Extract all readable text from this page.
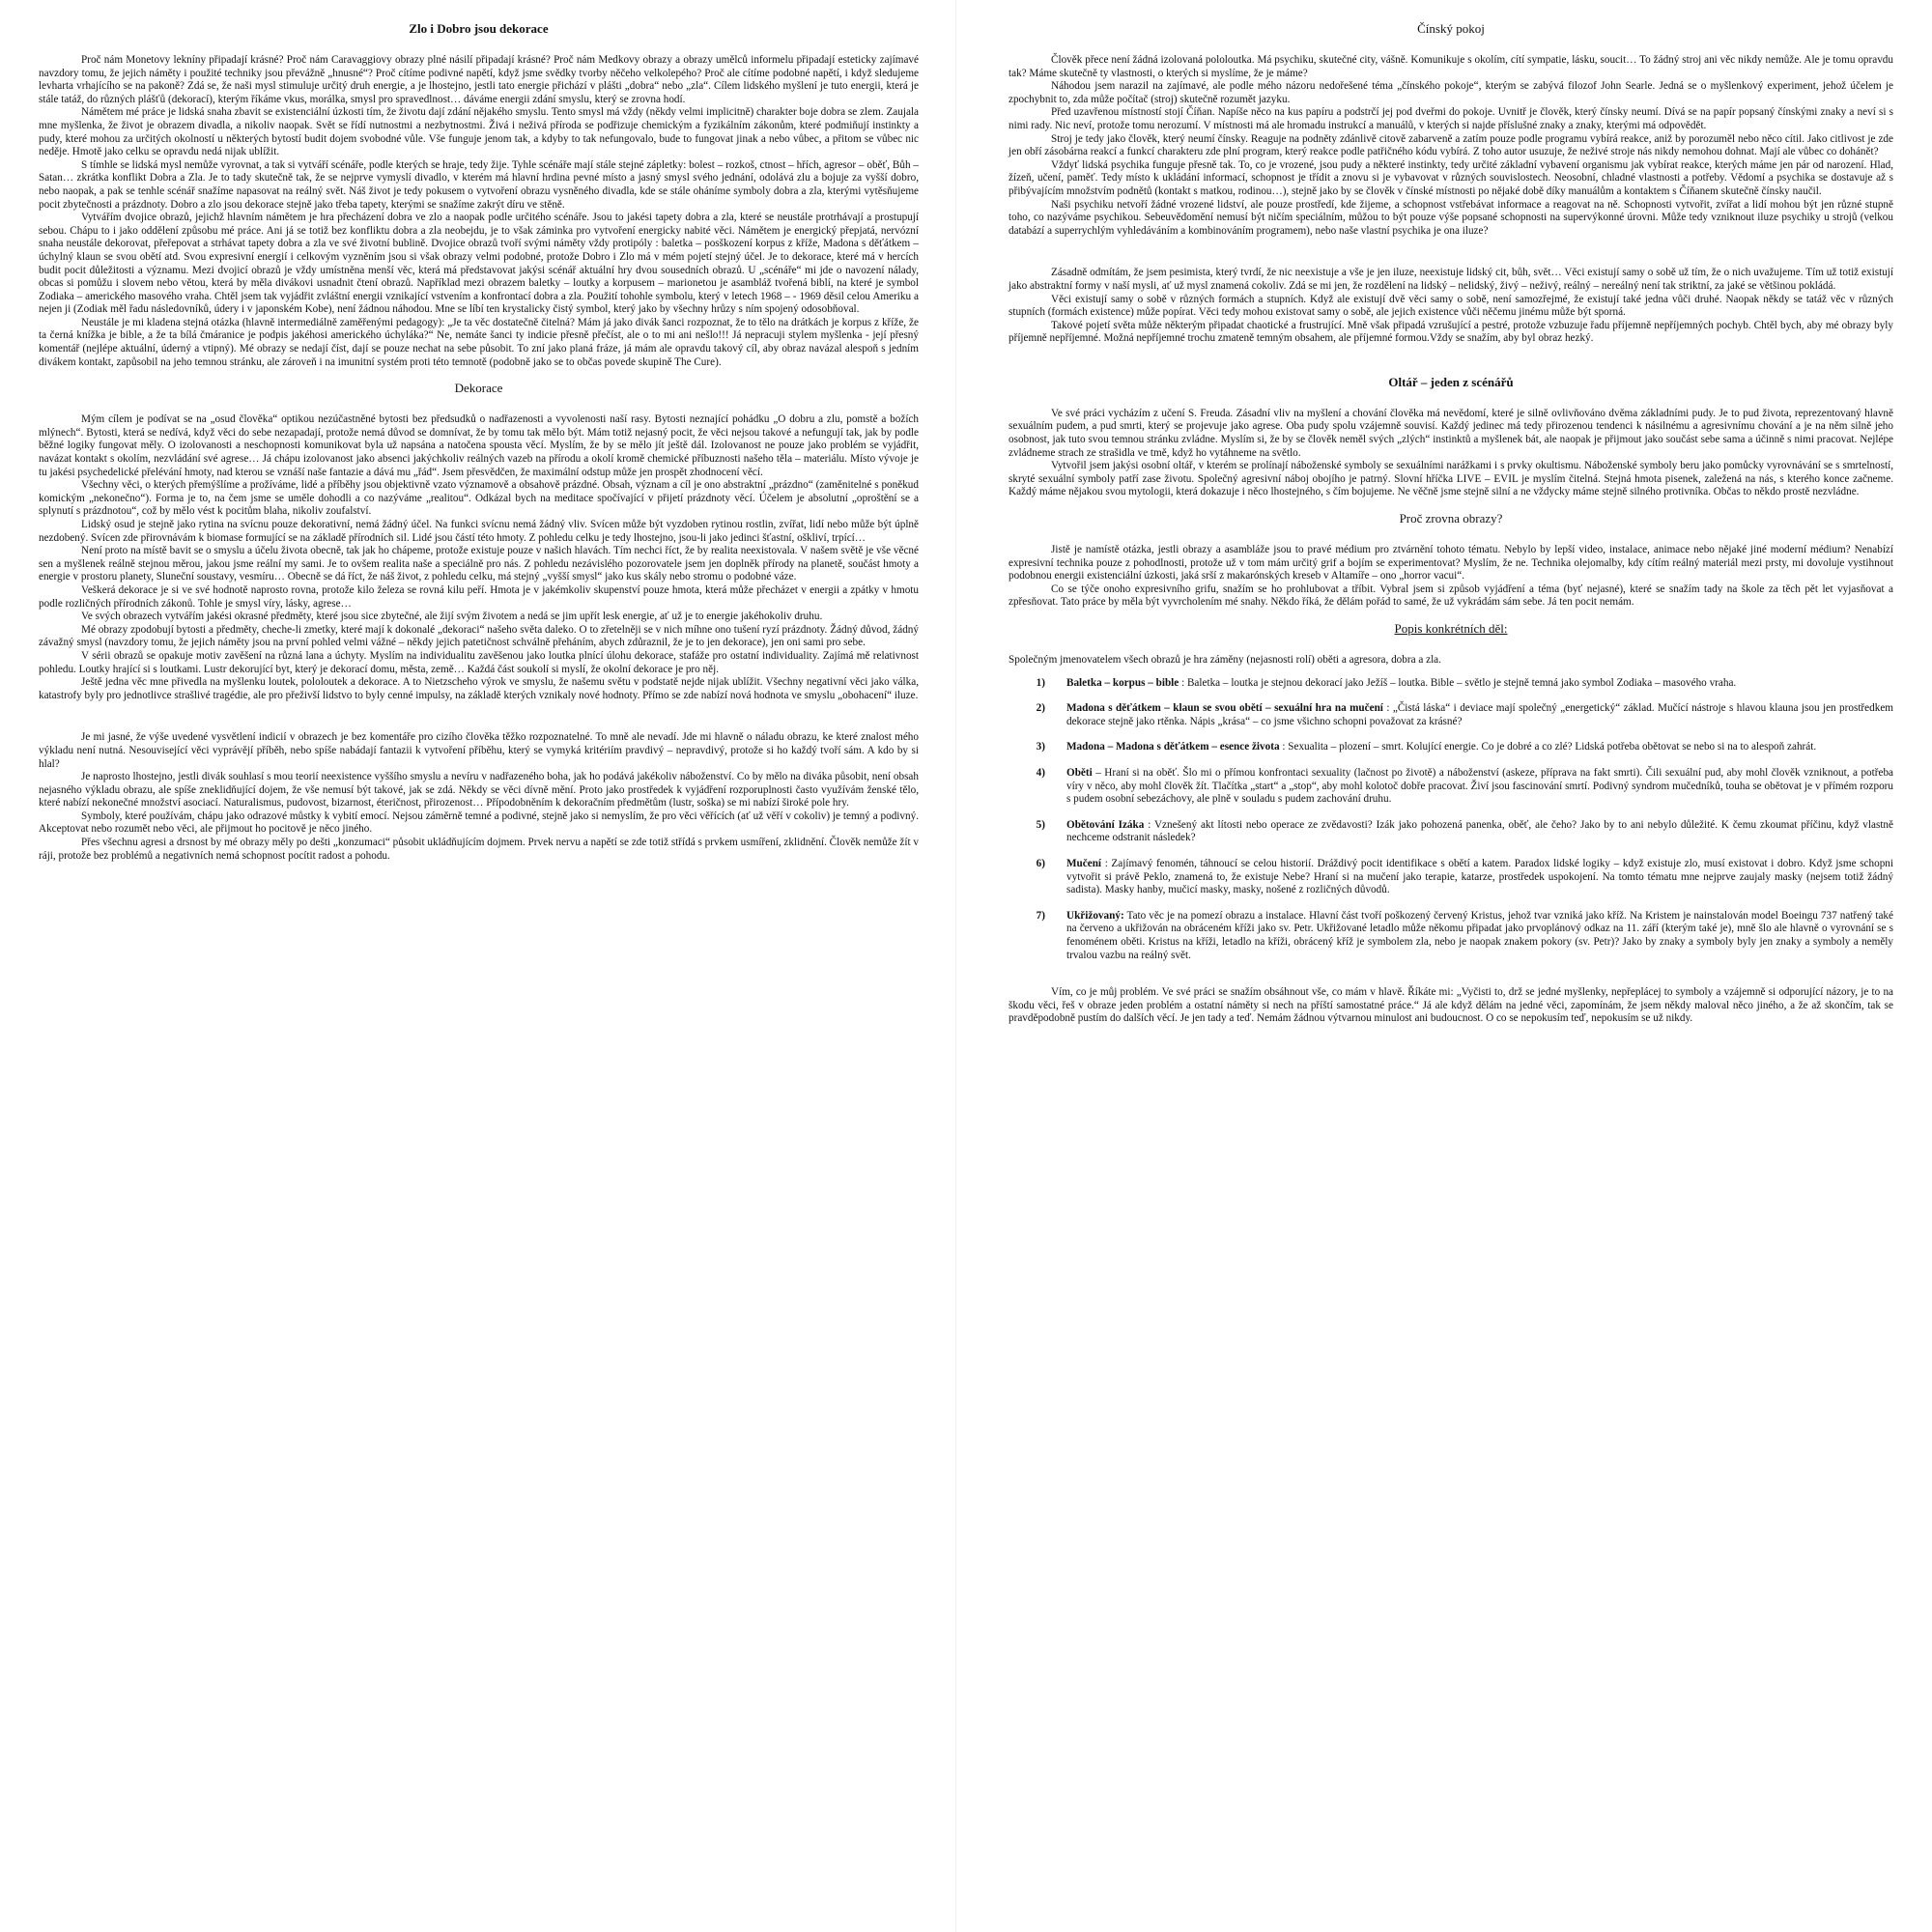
Zlo i Dobro jsou dekorace

Proč nám Monetovy lekníny připadají krásné? Proč nám Caravaggiovy obrazy plné násilí připadají krásné? Proč nám Medkovy obrazy a obrazy umělců informelu připadají esteticky zajímavé navzdory tomu, že jejich náměty i použité techniky jsou převážně „hnusné“? Proč cítíme podivné napětí, když jsme svědky tvorby něčeho velkolepého? Proč ale cítíme podobné napětí, i když sledujeme levharta vrhajícího se na pakoně? Zdá se, že naši mysl stimuluje určitý druh energie, a je lhostejno, jestli tato energie přichází v plášti „dobra“ nebo „zla“. Cílem lidského myšlení je tuto energii, která je stále tatáž, do různých plášťů (dekorací), kterým říkáme vkus, morálka, smysl pro spravedlnost… dáváme energii zdání smyslu, který se zrovna hodí.

Námětem mé práce je lidská snaha zbavit se existenciální úzkosti tím, že životu dají zdání nějakého smyslu. Tento smysl má vždy (někdy velmi implicitně) charakter boje dobra se zlem. Zaujala mne myšlenka, že život je obrazem divadla, a nikoliv naopak. Svět se řídí nutnostmi a nezbytnostmi. Živá i neživá příroda se podřizuje chemickým a fyzikálním zákonům, které podmiňují instinkty a pudy, které mohou za určitých okolností u některých bytostí budit dojem svobodné vůle. Vše funguje jenom tak, a kdyby to tak nefungovalo, bude to fungovat jinak a nebo vůbec, a přitom se vůbec nic neděje. Hmotě jako celku se opravdu nedá nijak ublížit.

S tímhle se lidská mysl nemůže vyrovnat, a tak si vytváří scénáře, podle kterých se hraje, tedy žije. Tyhle scénáře mají stále stejné zápletky: bolest – rozkoš, ctnost – hřích, agresor – oběť, Bůh – Satan… zkrátka konflikt Dobra a Zla. Je to tady skutečně tak, že se nejprve vymyslí divadlo, v kterém má hlavní hrdina pevné místo a jasný smysl svého jednání, odolává zlu a bojuje za vyšší dobro, nebo naopak, a pak se tenhle scénář snažíme napasovat na reálný svět. Náš život je tedy pokusem o vytvoření obrazu vysněného divadla, kde se stále oháníme symboly dobra a zla, kterými vytěsňujeme pocit zbytečnosti a prázdnoty. Dobro a zlo jsou dekorace stejně jako třeba tapety, kterými se snažíme zakrýt díru ve stěně.

Vytvářím dvojice obrazů, jejichž hlavním námětem je hra přecházení dobra ve zlo a naopak podle určitého scénáře. Jsou to jakési tapety dobra a zla, které se neustále protrhávají a prostupují sebou. Chápu to i jako oddělení způsobu mé práce. Ani já se totiž bez konfliktu dobra a zla neobejdu, je to však záminka pro vytvoření energicky nabité věci. Námětem je energický přepjatá, nervózní snaha neustále dekorovat, přeřepovat a strhávat tapety dobra a zla ve své životní bublině. Dvojice obrazů tvoří svými náměty vždy protipóly : baletka – posškození korpus z kříže, Madona s děťátkem – úchylný klaun se svou obětí atd. Svou expresivní energií i celkovým vyzněním jsou si však obrazy velmi podobné, protože Dobro i Zlo má v mém pojetí stejný účel. Je to dekorace, které má v hercích budit pocit důležitosti a významu. Mezi dvojicí obrazů je vždy umístněna menší věc, která má představovat jakýsi scénář aktuální hry dvou sousedních obrazů. U „scénáře“ mi jde o navození nálady, obcas si pomůžu i slovem nebo větou, která by měla divákovi usnadnit čtení obrazů. Například mezi obrazem baletky – loutky a korpusem – marionetou je asambláž tvořená biblí, na které je symbol Zodiaka – amerického masového vraha. Chtěl jsem tak vyjádřit zvláštní energii vznikající vstvením a konfrontací dobra a zla. Použití tohohle symbolu, který v letech 1968 – - 1969 děsil celou Ameriku a nejen ji (Zodiak měl řadu následovníků, údery i v japonském Kobe), není žádnou náhodou. Mne se líbí ten krystalicky čistý symbol, který jako by všechny hrůzy s ním spojený odosobňoval.

Neustále je mi kladena stejná otázka (hlavně intermediálně zaměřenými pedagogy): „Je ta věc dostatečně čitelná? Mám já jako divák šanci rozpoznat, že to tělo na drátkách je korpus z kříže, že ta černá knížka je bible, a že ta bílá čmáranice je podpis jakéhosi amerického úchyláka?“ Ne, nemáte šanci ty indicie přesně přečíst, ale o to mi ani nešlo!!! Já nepracuji stylem myšlenka - její přesný komentář (nejlépe aktuální, úderný a vtipný). Mé obrazy se nedají číst, dají se pouze nechat na sebe působit. To zní jako planá fráze, já mám ale opravdu takový cíl, aby obraz navázal alespoň s jedním divákem kontakt, zapůsobil na jeho temnou stránku, ale zároveň i na imunitní systém proti této temnotě (podobně jako se to občas povede skupině The Cure).

Dekorace

Mým cílem je podívat se na „osud člověka“ optikou nezúčastněné bytosti bez předsudků o nadřazenosti a vyvolenosti naší rasy. Bytosti neznající pohádku „O dobru a zlu, pomstě a božích mlýnech“. Bytosti, která se nedívá, když věci do sebe nezapadají, protože nemá důvod se domnívat, že by tomu tak mělo být. Mám totiž nejasný pocit, že věci nejsou takové a nefungují tak, jak by podle běžné logiky fungovat měly. O izolovanosti a neschopnosti komunikovat byla už napsána a natočena spousta věcí. Myslím, že by se mělo jít ještě dál. Izolovanost ne pouze jako problém se vyjádřit, navázat kontakt s okolím, nezvládání své agrese… Já chápu izolovanost jako absenci jakýchkoliv reálných vazeb na přírodu a okolí kromě chemické příbuznosti našeho těla – materiálu. Místo vývoje je tu jakési psychedelické přelévání hmoty, nad kterou se vznáší naše fantazie a dává mu „řád“. Jsem přesvědčen, že maximální odstup může jen prospět zhodnocení věcí.

Všechny věci, o kterých přemýšlíme a prožíváme, lidé a příběhy jsou objektivně vzato významově a obsahově prázdné. Obsah, význam a cíl je ono abstraktní „prázdno“ (zaměnitelné s poněkud komickým „nekonečno“). Forma je to, na čem jsme se uměle dohodli a co nazýváme „realitou“. Odkázal bych na meditace spočívající v přijetí prázdnoty věcí. Účelem je absolutní „oproštění se a splynutí s prázdnotou“, což by mělo vést k pocitům blaha, nikoliv zoufalství.

Lidský osud je stejně jako rytina na svícnu pouze dekorativní, nemá žádný účel. Na funkci svícnu nemá žádný vliv. Svícen může být vyzdoben rytinou rostlin, zvířat, lidí nebo může být úplně nezdobený. Svícen zde přirovnávám k biomase formující se na základě přírodních sil. Lidé jsou částí této hmoty. Z pohledu celku je tedy lhostejno, jsou-li jako jedinci šťastní, oškliví, trpící…

Není proto na místě bavit se o smyslu a účelu života obecně, tak jak ho chápeme, protože existuje pouze v našich hlavách. Tím nechci říct, že by realita neexistovala. V našem světě je vše věcné sen a myšlenek reálně stejnou měrou, jakou jsme reální my sami. Je to ovšem realita naše a speciálně pro nás. Z pohledu nezávislého pozorovatele jsem jen doplněk přírody na planetě, součást hmoty a energie v prostoru planety, Sluneční soustavy, vesmíru… Obecně se dá říct, že náš život, z pohledu celku, má stejný „vyšší smysl“ jako kus skály nebo stromu o podobné váze.

Veškerá dekorace je si ve své hodnotě naprosto rovna, protože kilo železa se rovná kilu peří. Hmota je v jakémkoliv skupenství pouze hmota, která může přecházet v energii a zpátky v hmotu podle rozličných přírodních zákonů. Tohle je smysl víry, lásky, agrese…

Ve svých obrazech vytvářím jakési okrasné předměty, které jsou sice zbytečné, ale žijí svým životem a nedá se jim upřít lesk energie, ať už je to energie jakéhokoliv druhu.

Mé obrazy zpodobují bytosti a předměty, cheche-li zmetky, které mají k dokonalé „dekoraci“ našeho světa daleko. O to zřetelněji se v nich míhne ono tušení ryzí prázdnoty. Žádný důvod, žádný závažný smysl (navzdory tomu, že jejich náměty jsou na první pohled velmi vážné – někdy jejich patetičnost schválně přeháním, abych zdůraznil, že je to jen dekorace), jen oni sami pro sebe.

V sérii obrazů se opakuje motiv zavěšení na různá lana a úchyty. Myslím na individualitu zavěšenou jako loutka plnící úlohu dekorace, stafáže pro ostatní individuality. Zajímá mě relativnost pohledu. Loutky hrající si s loutkami. Lustr dekorující byt, který je dekorací domu, města, země… Každá část soukolí si myslí, že okolní dekorace je pro něj.

Ještě jedna věc mne přivedla na myšlenku loutek, pololoutek a dekorace. A to Nietzscheho výrok ve smyslu, že našemu světu v podstatě nejde nijak ublížit. Všechny negativní věci jako válka, katastrofy byly pro jednotlivce strašlivé tragédie, ale pro přeživší lidstvo to byly cenné impulsy, na základě kterých vznikaly nové hodnoty. Přímo se zde nabízí nová hodnota ve smyslu „obohacení“ iluze.

Je mi jasné, že výše uvedené vysvětlení indicií v obrazech je bez komentáře pro cizího člověka těžko rozpoznatelné. To mně ale nevadí. Jde mi hlavně o náladu obrazu, ke které znalost mého výkladu není nutná. Nesouvisející věci vyprávějí příběh, nebo spíše nabádají fantazii k vytvoření příběhu, který se vymyká kritériím pravdivý – nepravdivý, protože si ho každý tvoří sám. A kdo by si hlal?

Je naprosto lhostejno, jestli divák souhlasí s mou teorií neexistence vyššího smyslu a nevíru v nadřazeného boha, jak ho podává jakékoliv náboženství. Co by mělo na diváka působit, není obsah nejasného výkladu obrazu, ale spíše zneklidňující dojem, že vše nemusí být takové, jak se zdá. Někdy se věci dívně mění. Proto jako prostředek k vyjádření rozporuplnosti často využívám ženské tělo, které nabízí nekonečné množství asociací. Naturalismus, pudovost, bizarnost, éteričnost, přirozenost… Přípodobněním k dekoračním předmětům (lustr, soška) se mi nabízí široké pole hry.

Symboly, které používám, chápu jako odrazové můstky k vybití emocí. Nejsou záměrně temné a podivné, stejně jako si nemyslím, že pro věci věřících (ať už věří v cokoliv) je temný a podivný. Akceptovat nebo rozumět nebo věci, ale přijmout ho pocitově je něco jiného.

Přes všechnu agresi a drsnost by mé obrazy měly po dešti „konzumaci“ působit ukládňujícím dojmem. Prvek nervu a napětí se zde totiž střídá s prvkem usmíření, zklidnění. Člověk nemůže žít v ráji, protože bez problémů a negativních nemá schopnost pocítit radost a pohodu.

Čínský pokoj

Člověk přece není žádná izolovaná pololoutka. Má psychiku, skutečné city, vášně. Komunikuje s okolím, cítí sympatie, lásku, soucit… To žádný stroj ani věc nikdy nemůže. Ale je tomu opravdu tak? Máme skutečně ty vlastnosti, o kterých si myslíme, že je máme?

Náhodou jsem narazil na zajímavé, ale podle mého názoru nedořešené téma „čínského pokoje“, kterým se zabývá filozof John Searle. Jedná se o myšlenkový experiment, jehož účelem je zpochybnit to, zda může počítač (stroj) skutečně rozumět jazyku.

Před uzavřenou místností stojí Číňan. Napíše něco na kus papíru a podstrčí jej pod dveřmi do pokoje. Uvnitř je člověk, který čínsky neumí. Dívá se na papír popsaný čínskými znaky a neví si s nimi rady. Nic neví, protože tomu nerozumí. V místnosti má ale hromadu instrukcí a manuálů, v kterých si najde příslušné znaky a znaky, kterými má odpovědět.

Stroj je tedy jako člověk, který neumí čínsky. Reaguje na podněty zdánlivě citově zabarveně a zatím pouze podle programu vybírá reakce, aniž by porozuměl nebo něco cítil. Jako citlivost je zde jen obří zásobárna reakcí a funkcí charakteru zde plní program, který reakce podle patřičného kódu vybírá. Z toho autor usuzuje, že neživé stroje nás nikdy nemohou dohnat. Mají ale vůbec co dohánět?

Vždyť lidská psychika funguje přesně tak. To, co je vrozené, jsou pudy a některé instinkty, tedy určité základní vybavení organismu jak vybírat reakce, kterých máme jen pár od narození. Hlad, žízeň, učení, paměť. Tedy místo k ukládání informací, schopnost je třídit a znovu si je vybavovat v různých souvislostech. Neosobní, chladné vlastnosti a potřeby. Vědomí a psychika se dostavuje až s přibývajícím množstvím podnětů (kontakt s matkou, rodinou…), stejně jako by se člověk v čínské místnosti po nějaké době díky manuálům a kontaktem s Číňanem skutečně čínsky naučil.

Naši psychiku netvoří žádné vrozené lidství, ale pouze prostředí, kde žijeme, a schopnost vstřebávat informace a reagovat na ně. Schopnosti vytvořit, zvířat a lidí mohou být jen různé stupně toho, co nazýváme psychikou. Sebeuvědomění nemusí být ničím speciálním, můžou to být pouze výše popsané schopnosti na supervýkonné úrovni. Může tedy vzniknout iluze psychiky u strojů (velkou databází a superrychlým vyhledáváním a kombinováním programem), nebo naše vlastní psychika je ona iluze?

Zásadně odmítám, že jsem pesimista, který tvrdí, že nic neexistuje a vše je jen iluze, neexistuje lidský cit, bůh, svět… Věci existují samy o sobě už tím, že o nich uvažujeme. Tím už totiž existují jako abstraktní formy v naší mysli, ať už mysl znamená cokoliv. Zdá se mi jen, že rozdělení na lidský – nelidský, živý – neživý, reálný – nereálný není tak striktní, za jaké se většinou pokládá.

Věci existují samy o sobě v různých formách a stupních. Když ale existují dvě věci samy o sobě, není samozřejmé, že existují také jedna vůči druhé. Naopak někdy se tatáž věc v různých stupních (formách existence) může popírat. Věci tedy mohou existovat samy o sobě, ale jejich existence vůči něčemu jinému může být sporná.

Takové pojetí světa může některým připadat chaotické a frustrující. Mně však připadá vzrušující a pestré, protože vzbuzuje řadu příjemně nepříjemných pochyb. Chtěl bych, aby mé obrazy byly příjemně nepříjemné. Možná nepříjemné trochu zmateně temným obsahem, ale příjemné formou.Vždy se snažím, aby byl obraz hezký.

Oltář – jeden z scénářů

Ve své práci vycházím z učení S. Freuda. Zásadní vliv na myšlení a chování člověka má nevědomí, které je silně ovlivňováno dvěma základními pudy. Je to pud života, reprezentovaný hlavně sexuálním pudem, a pud smrti, který se projevuje jako agrese. Oba pudy spolu vzájemně souvisí. Každý jedinec má tedy přirozenou tendenci k násilnému a agresivnímu chování a je na něm silně jeho osobnost, jak tuto svou temnou stránku zvládne. Myslím si, že by se člověk neměl svých „zlých“ instinktů a myšlenek bát, ale naopak je přijmout jako součást sebe sama a účinně s nimi pracovat. Nejlépe zvládneme strach ze strašidla ve tmě, když ho vytáhneme na světlo.

Vytvořil jsem jakýsi osobní oltář, v kterém se prolínají náboženské symboly se sexuálními narážkami i s prvky okultismu. Náboženské symboly beru jako pomůcky vyrovnávání se s smrtelností, skryté sexuální symboly patří zase životu. Společný agresivní náboj obojího je patrný. Slovní hříčka LIVE – EVIL je myslím čitelná. Stejná hmota pisenek, zaležená na nás, s kterého konce začneme. Každý máme nějakou svou mytologii, která dokazuje i něco lhostejného, s čím bojujeme. Ne věčně jsme stejně silní a ne vždycky máme stejně silného protivníka. Občas to někdo prostě nezvládne.

Proč zrovna obrazy?

Jistě je namístě otázka, jestli obrazy a asambláže jsou to pravé médium pro ztvárnění tohoto tématu. Nebylo by lepší video, instalace, animace nebo nějaké jiné moderní médium? Nenabízí expresivní technika pouze z pohodlnosti, protože už v tom mám určitý grif a bojím se experimentovat? Myslím, že ne. Technika olejomalby, kdy cítím reálný materiál mezi prsty, mi dovoluje vystihnout podobnou energii existenciální úzkosti, jaká srší z makarónských kreseb v Altamíře – ono „horror vacui“.

Co se týče onoho expresivního grifu, snažím se ho prohlubovat a tříbit. Vybral jsem si způsob vyjádření a téma (byť nejasné), které se snažím tady na škole za těch pět let vyjasňovat a zpřesňovat. Tato práce by měla být vyvrcholením mé snahy. Někdo říká, že dělám pořád to samé, že už vykrádám sám sebe. Já ten pocit nemám.

Popis konkrétních děl:

Společným jmenovatelem všech obrazů je hra záměny (nejasnosti rolí) oběti a agresora, dobra a zla.

1)	Baletka – korpus – bible : Baletka – loutka je stejnou dekorací jako Ježíš – loutka. Bible – světlo je stejně temná jako symbol Zodiaka – masového vraha.
2)	Madona s děťátkem – klaun se svou obětí – sexuální hra na mučení : „Čistá láska“ i deviace mají společný „energetický“ základ. Mučící nástroje s hlavou klauna jsou jen prostředkem dekorace stejně jako rtěnka. Nápis „krása“ – co jsme všichno schopni považovat za krásné?
3)	Madona – Madona s děťátkem – esence života : Sexualita – plození – smrt. Kolující energie. Co je dobré a co zlé? Lidská potřeba obětovat se nebo si na to alespoň zahrát.
4)	Oběti – Hraní si na oběť. Šlo mi o přímou konfrontaci sexuality (lačnost po životě) a náboženství (askeze, příprava na fakt smrti). Čili sexuální pud, aby mohl člověk vzniknout, a potřeba víry v něco, aby mohl člověk žít. Tlačítka „start“ a „stop“, aby mohl kolotoč dobře pracovat. Živí jsou fascinování smrtí. Podivný syndrom mučedníků, touha se obětovat je v přímém rozporu s pudem osobní sebezáchovy, ale plně v souladu s pudem zachování druhu.
5)	Obětování Izáka : Vznešený akt lítosti nebo operace ze zvědavosti? Izák jako pohozená panenka, oběť, ale čeho? Jako by to ani nebylo důležité. K čemu zkoumat příčinu, když vlastně nechceme odstranit následek?
6)	Mučení : Zajímavý fenomén, táhnoucí se celou historií. Dráždivý pocit identifikace s obětí a katem. Paradox lidské logiky – když existuje zlo, musí existovat i dobro. Když jsme schopni vytvořit si právě Peklo, znamená to, že existuje Nebe? Hraní si na mučení jako terapie, katarze, prostředek uspokojení. Na tomto tématu mne nejprve zaujaly masky (nejsem totiž žádný sadista). Masky hanby, mučicí masky, masky, nošené z rozličných důvodů.
7)	Ukřižovaný: Tato věc je na pomezí obrazu a instalace. Hlavní část tvoří poškozený červený Kristus, jehož tvar vzniká jako kříž. Na Kristem je nainstalován model Boeingu 737 natřený také na červeno a ukřižován na obráceném kříži jako sv. Petr. Ukřižované letadlo může někomu připadat jako prvoplánový odkaz na 11. září (kterým také je), mně šlo ale hlavně o vyrovnání se s fenoménem oběti. Kristus na kříži, letadlo na kříži, obrácený kříž je symbolem zla, nebo je naopak znakem pokory (sv. Petr)? Jako by znaky a symboly byly jen znaky a symboly a neměly trvalou vazbu na reálný svět.

Vím, co je můj problém. Ve své práci se snažím obsáhnout vše, co mám v hlavě. Říkáte mi: „Vyčisti to, drž se jedné myšlenky, nepřeplácej to symboly a vzájemně si odporující názory, je to na škodu věci, řeš v obraze jeden problém a ostatní náměty si nech na příští samostatné práce.“ Já ale když dělám na jedné věci, zapomínám, že jsem někdy maloval něco jiného, a že až skončím, tak se pravděpodobně pustím do dalších věcí. Je jen tady a teď. Nemám žádnou výtvarnou minulost ani budoucnost. O co se nepokusím teď, nepokusím se už nikdy.
